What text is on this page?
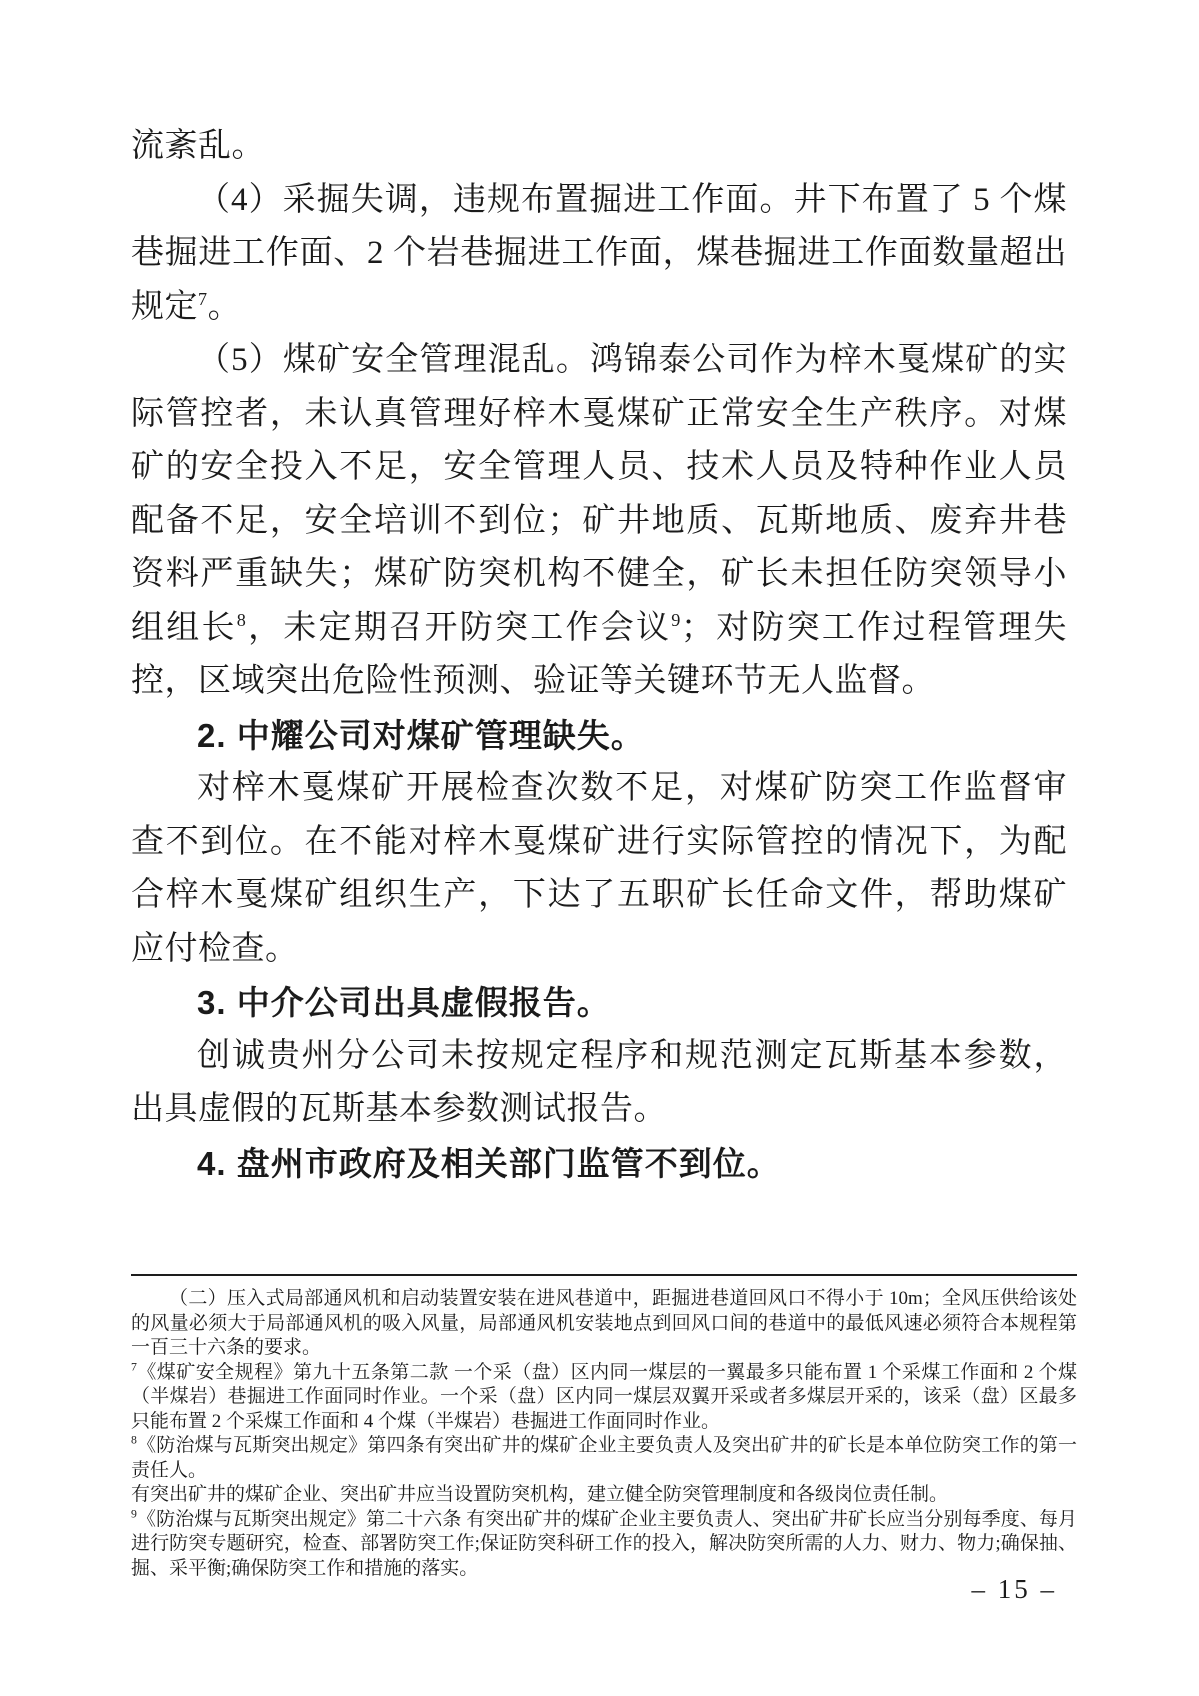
流紊乱。

（4）采掘失调，违规布置掘进工作面。井下布置了 5 个煤巷掘进工作面、2 个岩巷掘进工作面，煤巷掘进工作面数量超出规定$^7$。

（5）煤矿安全管理混乱。鸿锦泰公司作为梓木戛煤矿的实际管控者，未认真管理好梓木戛煤矿正常安全生产秩序。对煤矿的安全投入不足，安全管理人员、技术人员及特种作业人员配备不足，安全培训不到位；矿井地质、瓦斯地质、废弃井巷资料严重缺失；煤矿防突机构不健全，矿长未担任防突领导小组组长$^8$，未定期召开防突工作会议$^9$；对防突工作过程管理失控，区域突出危险性预测、验证等关键环节无人监督。

2. 中耀公司对煤矿管理缺失。

对梓木戛煤矿开展检查次数不足，对煤矿防突工作监督审查不到位。在不能对梓木戛煤矿进行实际管控的情况下，为配合梓木戛煤矿组织生产，下达了五职矿长任命文件，帮助煤矿应付检查。

3. 中介公司出具虚假报告。

创诚贵州分公司未按规定程序和规范测定瓦斯基本参数，出具虚假的瓦斯基本参数测试报告。

4. 盘州市政府及相关部门监管不到位。

（二）压入式局部通风机和启动装置安装在进风巷道中，距掘进巷道回风口不得小于 10m；全风压供给该处的风量必须大于局部通风机的吸入风量，局部通风机安装地点到回风口间的巷道中的最低风速必须符合本规程第一百三十六条的要求。

$^7$《煤矿安全规程》第九十五条第二款 一个采（盘）区内同一煤层的一翼最多只能布置 1 个采煤工作面和 2 个煤（半煤岩）巷掘进工作面同时作业。一个采（盘）区内同一煤层双翼开采或者多煤层开采的，该采（盘）区最多只能布置 2 个采煤工作面和 4 个煤（半煤岩）巷掘进工作面同时作业。

$^8$《防治煤与瓦斯突出规定》第四条有突出矿井的煤矿企业主要负责人及突出矿井的矿长是本单位防突工作的第一责任人。

有突出矿井的煤矿企业、突出矿井应当设置防突机构，建立健全防突管理制度和各级岗位责任制。

$^9$《防治煤与瓦斯突出规定》第二十六条 有突出矿井的煤矿企业主要负责人、突出矿井矿长应当分别每季度、每月进行防突专题研究，检查、部署防突工作;保证防突科研工作的投入，解决防突所需的人力、财力、物力;确保抽、掘、采平衡;确保防突工作和措施的落实。

– 15 –
